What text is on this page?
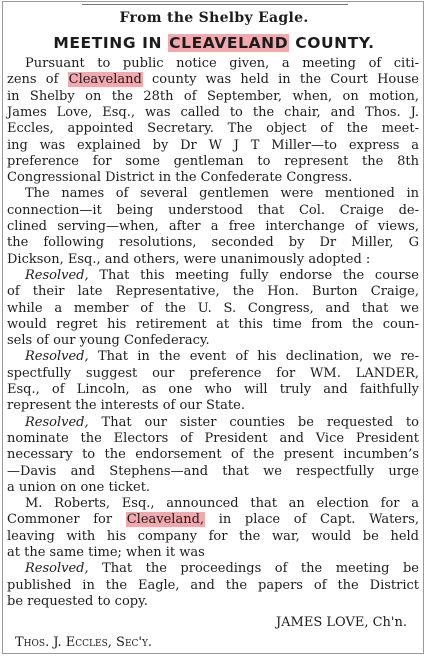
From the Shelby Eagle.
MEETING IN CLEAVELAND COUNTY.
Pursuant to public notice given, a meeting of citi-
zens of Cleaveland county was held in the Court House
in Shelby on the 28th of September, when, on motion,
James Love, Esq., was called to the chair, and Thos. J.
Eccles, appointed Secretary. The object of the meet-
ing was explained by Dr W J T Miller—to express a
preference for some gentleman to represent the 8th
Congressional District in the Confederate Congress.
The names of several gentlemen were mentioned in
connection—it being understood that Col. Craige de-
clined serving—when, after a free interchange of views,
the following resolutions, seconded by Dr Miller, G
Dickson, Esq., and others, were unanimously adopted :
Resolved, That this meeting fully endorse the course
of their late Representative, the Hon. Burton Craige,
while a member of the U. S. Congress, and that we
would regret his retirement at this time from the coun-
sels of our young Confederacy.
Resolved, That in the event of his declination, we re-
spectfully suggest our preference for WM. LANDER,
Esq., of Lincoln, as one who will truly and faithfully
represent the interests of our State.
Resolved, That our sister counties be requested to
nominate the Electors of President and Vice President
necessary to the endorsement of the present incumben’s
—Davis and Stephens—and that we respectfully urge
a union on one ticket.
M. Roberts, Esq., announced that an election for a
Commoner for Cleaveland, in place of Capt. Waters,
leaving with his company for the war, would be held
at the same time; when it was
Resolved, That the proceedings of the meeting be
published in the Eagle, and the papers of the District
be requested to copy.
JAMES LOVE, Ch'n.
Thos. J. Eccles, Sec'y.
